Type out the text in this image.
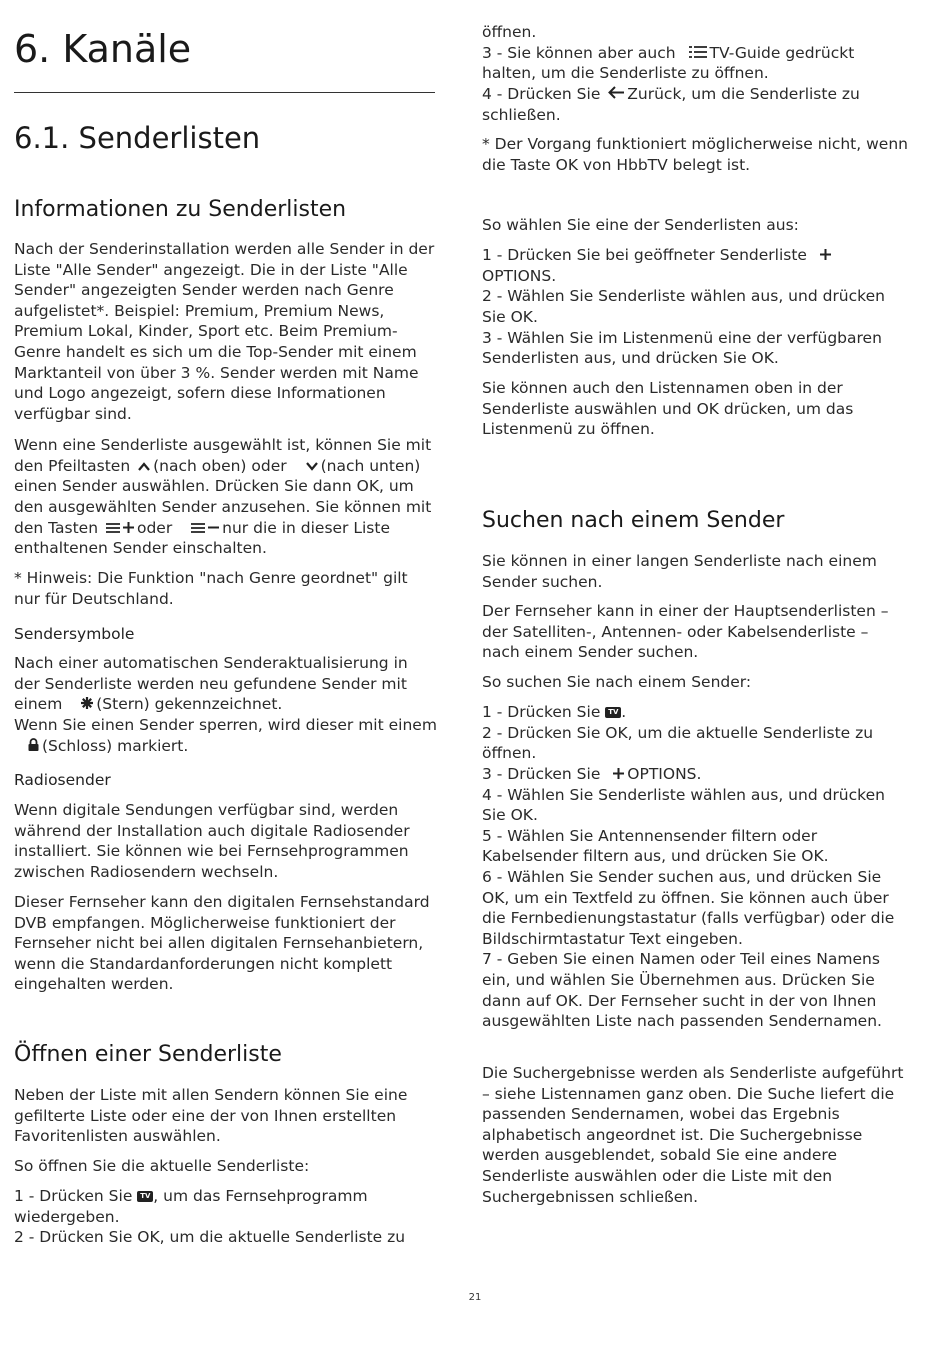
6. Kanäle
6.1. Senderlisten
Informationen zu Senderlisten

Nach der Senderinstallation werden alle Sender in der Liste "Alle Sender" angezeigt. Die in der Liste "Alle Sender" angezeigten Sender werden nach Genre aufgelistet*. Beispiel: Premium, Premium News, Premium Lokal, Kinder, Sport etc. Beim Premium-Genre handelt es sich um die Top-Sender mit einem Marktanteil von über 3 %. Sender werden mit Name und Logo angezeigt, sofern diese Informationen verfügbar sind.

Wenn eine Senderliste ausgewählt ist, können Sie mit den Pfeiltasten (nach oben) oder (nach unten) einen Sender auswählen. Drücken Sie dann OK, um den ausgewählten Sender anzusehen. Sie können mit den Tasten	oder	nur die in dieser Liste enthaltenen Sender einschalten.

* Hinweis: Die Funktion "nach Genre geordnet" gilt nur für Deutschland.

Sendersymbole

Nach einer automatischen Senderaktualisierung in der Senderliste werden neu gefundene Sender mit einem (Stern) gekennzeichnet.
Wenn Sie einen Sender sperren, wird dieser mit einem (Schloss) markiert.

Radiosender

Wenn digitale Sendungen verfügbar sind, werden während der Installation auch digitale Radiosender installiert. Sie können wie bei Fernsehprogrammen zwischen Radiosendern wechseln.

Dieser Fernseher kann den digitalen Fernsehstandard DVB empfangen. Möglicherweise funktioniert der Fernseher nicht bei allen digitalen Fernsehanbietern, wenn die Standardanforderungen nicht komplett eingehalten werden.

Öffnen einer Senderliste

Neben der Liste mit allen Sendern können Sie eine gefilterte Liste oder eine der von Ihnen erstellten Favoritenlisten auswählen.

So öffnen Sie die aktuelle Senderliste:

1 - Drücken Sie TV , um das Fernsehprogramm wiedergeben.
2 - Drücken Sie OK, um die aktuelle Senderliste zu

öffnen.
3 - Sie können aber auch TV-Guide gedrückt halten, um die Senderliste zu öffnen.
4 - Drücken Sie Zurück, um die Senderliste zu schließen.

* Der Vorgang funktioniert möglicherweise nicht, wenn die Taste OK von HbbTV belegt ist.

So wählen Sie eine der Senderlisten aus:

1 - Drücken Sie bei geöffneter Senderliste OPTIONS.
2 - Wählen Sie Senderliste wählen aus, und drücken Sie OK.
3 - Wählen Sie im Listenmenü eine der verfügbaren Senderlisten aus, und drücken Sie OK.

Sie können auch den Listennamen oben in der Senderliste auswählen und OK drücken, um das Listenmenü zu öffnen.

Suchen nach einem Sender

Sie können in einer langen Senderliste nach einem Sender suchen.

Der Fernseher kann in einer der Hauptsenderlisten – der Satelliten-, Antennen- oder Kabelsenderliste – nach einem Sender suchen.

So suchen Sie nach einem Sender:

1 - Drücken Sie TV .
2 - Drücken Sie OK, um die aktuelle Senderliste zu öffnen.
3 - Drücken Sie OPTIONS.
4 - Wählen Sie Senderliste wählen aus, und drücken Sie OK.
5 - Wählen Sie Antennensender filtern oder Kabelsender filtern aus, und drücken Sie OK.
6 - Wählen Sie Sender suchen aus, und drücken Sie OK, um ein Textfeld zu öffnen. Sie können auch über die Fernbedienungstastatur (falls verfügbar) oder die Bildschirmtastatur Text eingeben.
7 - Geben Sie einen Namen oder Teil eines Namens ein, und wählen Sie Übernehmen aus. Drücken Sie dann auf OK. Der Fernseher sucht in der von Ihnen ausgewählten Liste nach passenden Sendernamen.

Die Suchergebnisse werden als Senderliste aufgeführt – siehe Listennamen ganz oben. Die Suche liefert die passenden Sendernamen, wobei das Ergebnis alphabetisch angeordnet ist. Die Suchergebnisse werden ausgeblendet, sobald Sie eine andere Senderliste auswählen oder die Liste mit den Suchergebnissen schließen.

21
